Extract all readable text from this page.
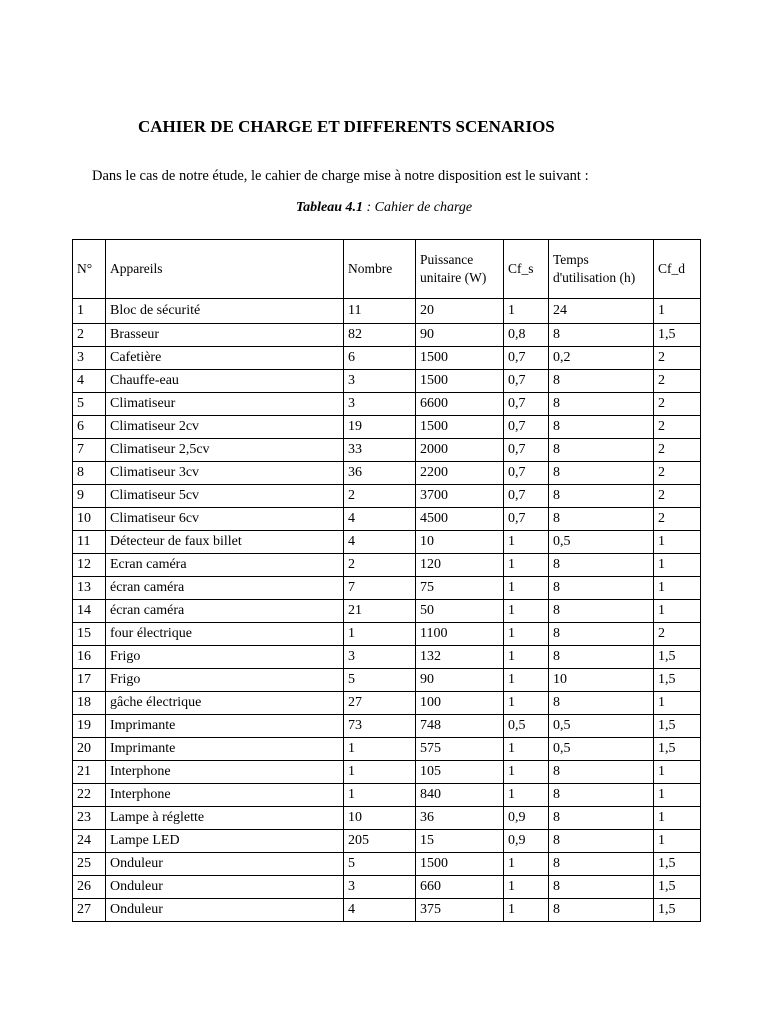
CAHIER DE CHARGE ET DIFFERENTS SCENARIOS

Dans le cas de notre étude, le cahier de charge mise à notre disposition est le suivant :

Tableau 4.1 : Cahier de charge

N°	Appareils	Nombre	Puissance unitaire (W)	Cf_s	Temps d'utilisation (h)	Cf_d
1	Bloc de sécurité	11	20	1	24	1
2	Brasseur	82	90	0,8	8	1,5
3	Cafetière	6	1500	0,7	0,2	2
4	Chauffe-eau	3	1500	0,7	8	2
5	Climatiseur	3	6600	0,7	8	2
6	Climatiseur 2cv	19	1500	0,7	8	2
7	Climatiseur 2,5cv	33	2000	0,7	8	2
8	Climatiseur 3cv	36	2200	0,7	8	2
9	Climatiseur 5cv	2	3700	0,7	8	2
10	Climatiseur 6cv	4	4500	0,7	8	2
11	Détecteur de faux billet	4	10	1	0,5	1
12	Ecran caméra	2	120	1	8	1
13	écran caméra	7	75	1	8	1
14	écran caméra	21	50	1	8	1
15	four électrique	1	1100	1	8	2
16	Frigo	3	132	1	8	1,5
17	Frigo	5	90	1	10	1,5
18	gâche électrique	27	100	1	8	1
19	Imprimante	73	748	0,5	0,5	1,5
20	Imprimante	1	575	1	0,5	1,5
21	Interphone	1	105	1	8	1
22	Interphone	1	840	1	8	1
23	Lampe à réglette	10	36	0,9	8	1
24	Lampe LED	205	15	0,9	8	1
25	Onduleur	5	1500	1	8	1,5
26	Onduleur	3	660	1	8	1,5
27	Onduleur	4	375	1	8	1,5
